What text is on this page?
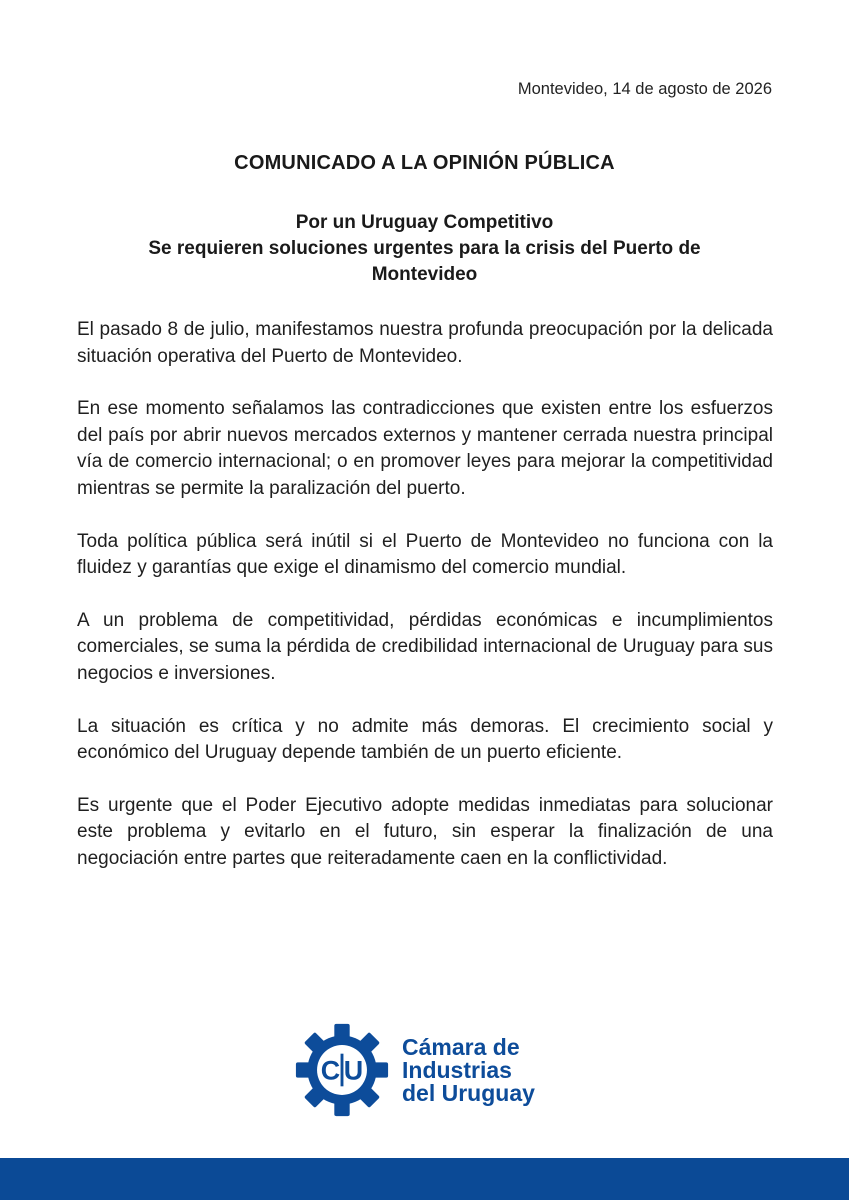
Montevideo, 14 de agosto de 2026
COMUNICADO A LA OPINIÓN PÚBLICA
Por un Uruguay Competitivo
Se requieren soluciones urgentes para la crisis del Puerto de Montevideo

El pasado 8 de julio, manifestamos nuestra profunda preocupación por la delicada situación operativa del Puerto de Montevideo.

En ese momento señalamos las contradicciones que existen entre los esfuerzos del país por abrir nuevos mercados externos y mantener cerrada nuestra principal vía de comercio internacional; o en promover leyes para mejorar la competitividad mientras se permite la paralización del puerto.

Toda política pública será inútil si el Puerto de Montevideo no funciona con la fluidez y garantías que exige el dinamismo del comercio mundial.

A un problema de competitividad, pérdidas económicas e incumplimientos comerciales, se suma la pérdida de credibilidad internacional de Uruguay para sus negocios e inversiones.

La situación es crítica y no admite más demoras. El crecimiento social y económico del Uruguay depende también de un puerto eficiente.

Es urgente que el Poder Ejecutivo adopte medidas inmediatas para solucionar este problema y evitarlo en el futuro, sin esperar la finalización de una negociación entre partes que reiteradamente caen en la conflictividad.

C U
Cámara de
Industrias
del Uruguay
